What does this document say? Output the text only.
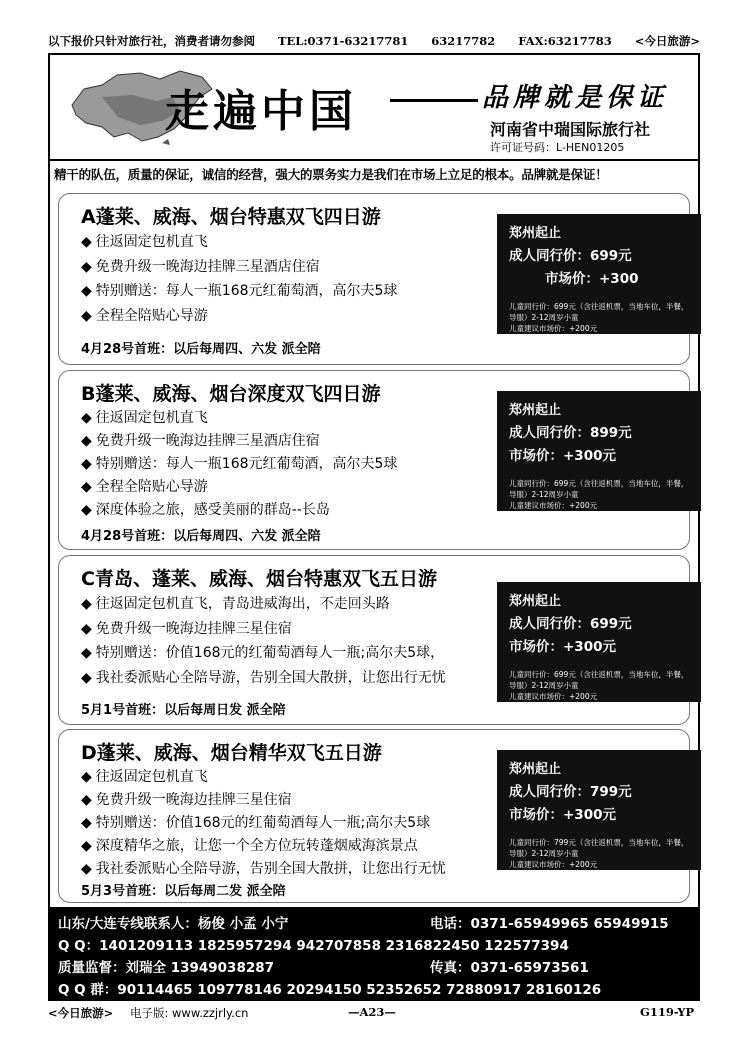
以下报价只针对旅行社，消费者请勿参阅 TEL:0371-63217781 63217782 FAX:63217783 <今日旅游>
走遍中国	品牌就是保证
河南省中瑞国际旅行社
许可证号码：L-HEN01205
精干的队伍，质量的保证，诚信的经营，强大的票务实力是我们在市场上立足的根本。品牌就是保证！
A蓬莱、威海、烟台特惠双飞四日游
◆ 往返固定包机直飞
◆ 免费升级一晚海边挂牌三星酒店住宿
◆ 特别赠送：每人一瓶168元红葡萄酒，高尔夫5球
◆ 全程全陪贴心导游
4月28号首班：以后每周四、六发 派全陪
郑州起止
成人同行价：699元
市场价：+300
儿童同行价：699元（含往返机票，当地车位，半餐，导服）2-12周岁小童
儿童建议市场价：+200元
B蓬莱、威海、烟台深度双飞四日游
◆ 往返固定包机直飞
◆ 免费升级一晚海边挂牌三星酒店住宿
◆ 特别赠送：每人一瓶168元红葡萄酒，高尔夫5球
◆ 全程全陪贴心导游
◆ 深度体验之旅，感受美丽的群岛--长岛
4月28号首班：以后每周四、六发 派全陪
郑州起止
成人同行价：899元
市场价：+300元
儿童同行价：699元（含往返机票，当地车位，半餐，导服）2-12周岁小童
儿童建议市场价：+200元
C青岛、蓬莱、威海、烟台特惠双飞五日游
◆ 往返固定包机直飞，青岛进威海出，不走回头路
◆ 免费升级一晚海边挂牌三星住宿
◆ 特别赠送：价值168元的红葡萄酒每人一瓶;高尔夫5球，
◆ 我社委派贴心全陪导游，告别全国大散拼，让您出行无忧
5月1号首班：以后每周日发 派全陪
郑州起止
成人同行价：699元
市场价：+300元
儿童同行价：699元（含往返机票，当地车位，半餐，导服）2-12周岁小童
儿童建议市场价：+200元
D蓬莱、威海、烟台精华双飞五日游
◆ 往返固定包机直飞
◆ 免费升级一晚海边挂牌三星住宿
◆ 特别赠送：价值168元的红葡萄酒每人一瓶;高尔夫5球
◆ 深度精华之旅，让您一个全方位玩转蓬烟威海滨景点
◆ 我社委派贴心全陪导游，告别全国大散拼，让您出行无忧
5月3号首班：以后每周二发 派全陪
郑州起止
成人同行价：799元
市场价：+300元
儿童同行价：799元（含往返机票，当地车位，半餐，导服）2-12周岁小童
儿童建议市场价：+200元
山东/大连专线联系人：杨俊 小孟 小宁	电话：0371-65949965 65949915
Q Q：1401209113 1825957294 942707858 2316822450 122577394
质量监督：刘瑞全 13949038287	传真：0371-65973561
Q Q 群：90114465 109778146 20294150 52352652 72880917 28160126
<今日旅游> 电子版: www.zzjrly.cn	—A23—	G119-YP
